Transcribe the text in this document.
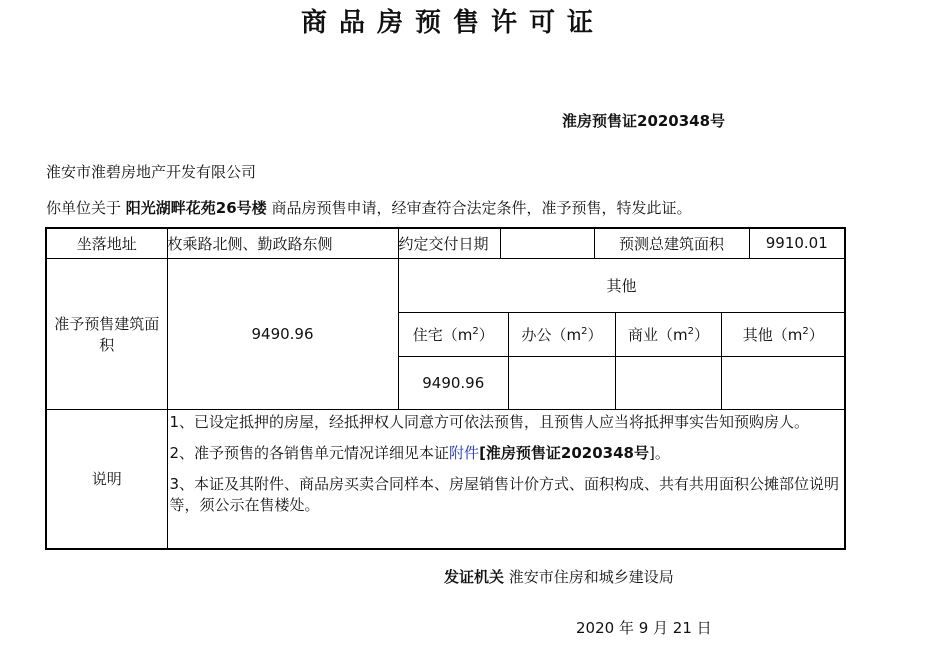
商品房预售许可证
淮房预售证2020348号
淮安市淮碧房地产开发有限公司
你单位关于 阳光湖畔花苑26号楼 商品房预售申请，经审查符合法定条件，准予预售，特发此证。
坐落地址	枚乘路北侧、勤政路东侧	约定交付日期		预测总建筑面积	9910.01
准予预售建筑面积	9490.96	
其他
住宅$(m^2)$	办公$(m^2)$	商业$(m^2)$	其他$(m^2)$
9490.96			

说明	

1、已设定抵押的房屋，经抵押权人同意方可依法预售，且预售人应当将抵押事实告知预购房人。

2、准予预售的各销售单元情况详细见本证附件[淮房预售证2020348号]。

3、本证及其附件、商品房买卖合同样本、房屋销售计价方式、面积构成、共有共用面积公摊部位说明等，须公示在售楼处。

发证机关 淮安市住房和城乡建设局
2020 年 9 月 21 日
